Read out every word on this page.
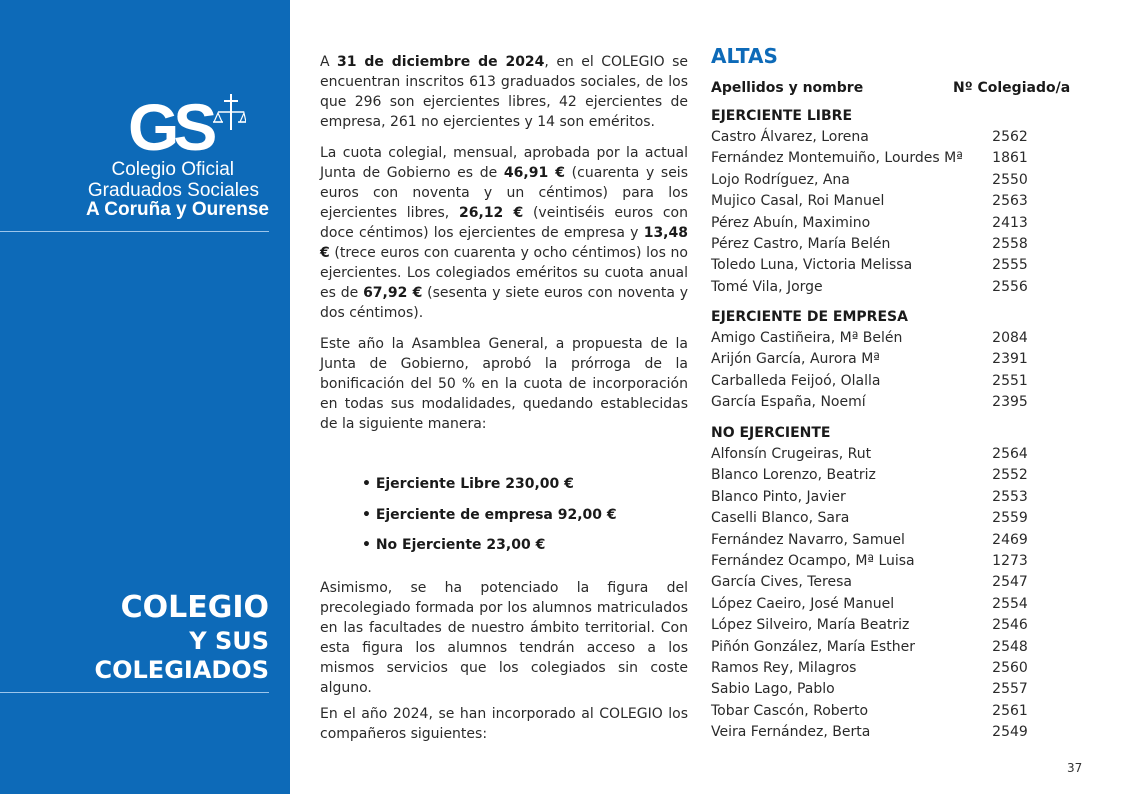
GS
Colegio Oficial
Graduados Sociales
A Coruña y Ourense
COLEGIO
Y SUS
COLEGIADOS

A 31 de diciembre de 2024, en el COLEGIO se encuentran inscritos 613 graduados sociales, de los que 296 son ejercientes libres, 42 ejercientes de empresa, 261 no ejercientes y 14 son eméritos.

La cuota colegial, mensual, aprobada por la actual Junta de Gobierno es de 46,91 € (cuarenta y seis euros con noventa y un céntimos) para los ejercientes libres, 26,12 € (veintiséis euros con doce céntimos) los ejercientes de empresa y 13,48 € (trece euros con cuarenta y ocho céntimos) los no ejercientes. Los colegiados eméritos su cuota anual es de 67,92 € (sesenta y siete euros con noventa y dos céntimos).

Este año la Asamblea General, a propuesta de la Junta de Gobierno, aprobó la prórroga de la bonificación del 50 % en la cuota de incorporación en todas sus modalidades, quedando establecidas de la siguiente manera:

• Ejerciente Libre 230,00 €
• Ejerciente de empresa 92,00 €
• No Ejerciente 23,00 €
Asimismo, se ha potenciado la figura del precolegiado formada por los alumnos matriculados en las facultades de nuestro ámbito territorial. Con esta figura los alumnos tendrán acceso a los mismos servicios que los colegiados sin coste alguno.
En el año 2024, se han incorporado al COLEGIO los compañeros siguientes:
ALTAS
Apellidos y nombre	Nº Colegiado/a
EJERCIENTE LIBRE
Castro Álvarez, Lorena	2562
Fernández Montemuiño, Lourdes Mª	1861
Lojo Rodríguez, Ana	2550
Mujico Casal, Roi Manuel	2563
Pérez Abuín, Maximino	2413
Pérez Castro, María Belén	2558
Toledo Luna, Victoria Melissa	2555
Tomé Vila, Jorge	2556
EJERCIENTE DE EMPRESA
Amigo Castiñeira, Mª Belén	2084
Arijón García, Aurora Mª	2391
Carballeda Feijoó, Olalla	2551
García España, Noemí	2395
NO EJERCIENTE
Alfonsín Crugeiras, Rut	2564
Blanco Lorenzo, Beatriz	2552
Blanco Pinto, Javier	2553
Caselli Blanco, Sara	2559
Fernández Navarro, Samuel	2469
Fernández Ocampo, Mª Luisa	1273
García Cives, Teresa	2547
López Caeiro, José Manuel	2554
López Silveiro, María Beatriz	2546
Piñón González, María Esther	2548
Ramos Rey, Milagros	2560
Sabio Lago, Pablo	2557
Tobar Cascón, Roberto	2561
Veira Fernández, Berta	2549
37
